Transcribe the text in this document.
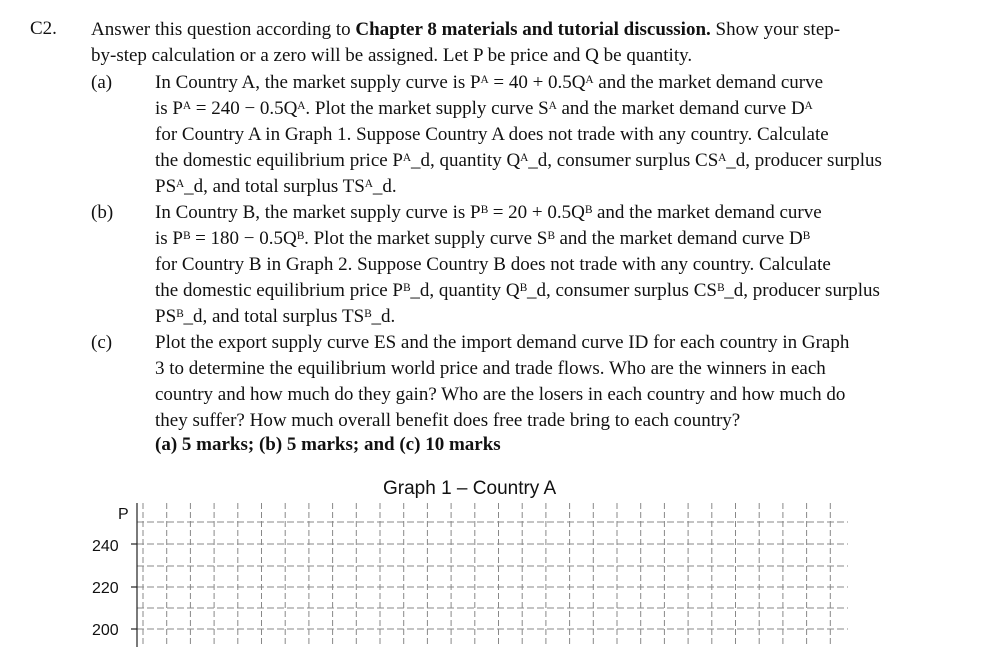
C2. Answer this question according to Chapter 8 materials and tutorial discussion. Show your step-
by-step calculation or a zero will be assigned. Let P be price and Q be quantity.
(a) In Country A, the market supply curve is Pᴬ = 40 + 0.5Qᴬ and the market demand curve
is Pᴬ = 240 − 0.5Qᴬ. Plot the market supply curve Sᴬ and the market demand curve Dᴬ
for Country A in Graph 1. Suppose Country A does not trade with any country. Calculate
the domestic equilibrium price Pᴬ_d, quantity Qᴬ_d, consumer surplus CSᴬ_d, producer surplus
PSᴬ_d, and total surplus TSᴬ_d.
(b) In Country B, the market supply curve is Pᴮ = 20 + 0.5Qᴮ and the market demand curve
is Pᴮ = 180 − 0.5Qᴮ. Plot the market supply curve Sᴮ and the market demand curve Dᴮ
for Country B in Graph 2. Suppose Country B does not trade with any country. Calculate
the domestic equilibrium price Pᴮ_d, quantity Qᴮ_d, consumer surplus CSᴮ_d, producer surplus
PSᴮ_d, and total surplus TSᴮ_d.
(c) Plot the export supply curve ES and the import demand curve ID for each country in Graph
3 to determine the equilibrium world price and trade flows. Who are the winners in each
country and how much do they gain? Who are the losers in each country and how much do
they suffer? How much overall benefit does free trade bring to each country?
(a) 5 marks; (b) 5 marks; and (c) 10 marks
Graph 1 – Country A
P
240
220
200
